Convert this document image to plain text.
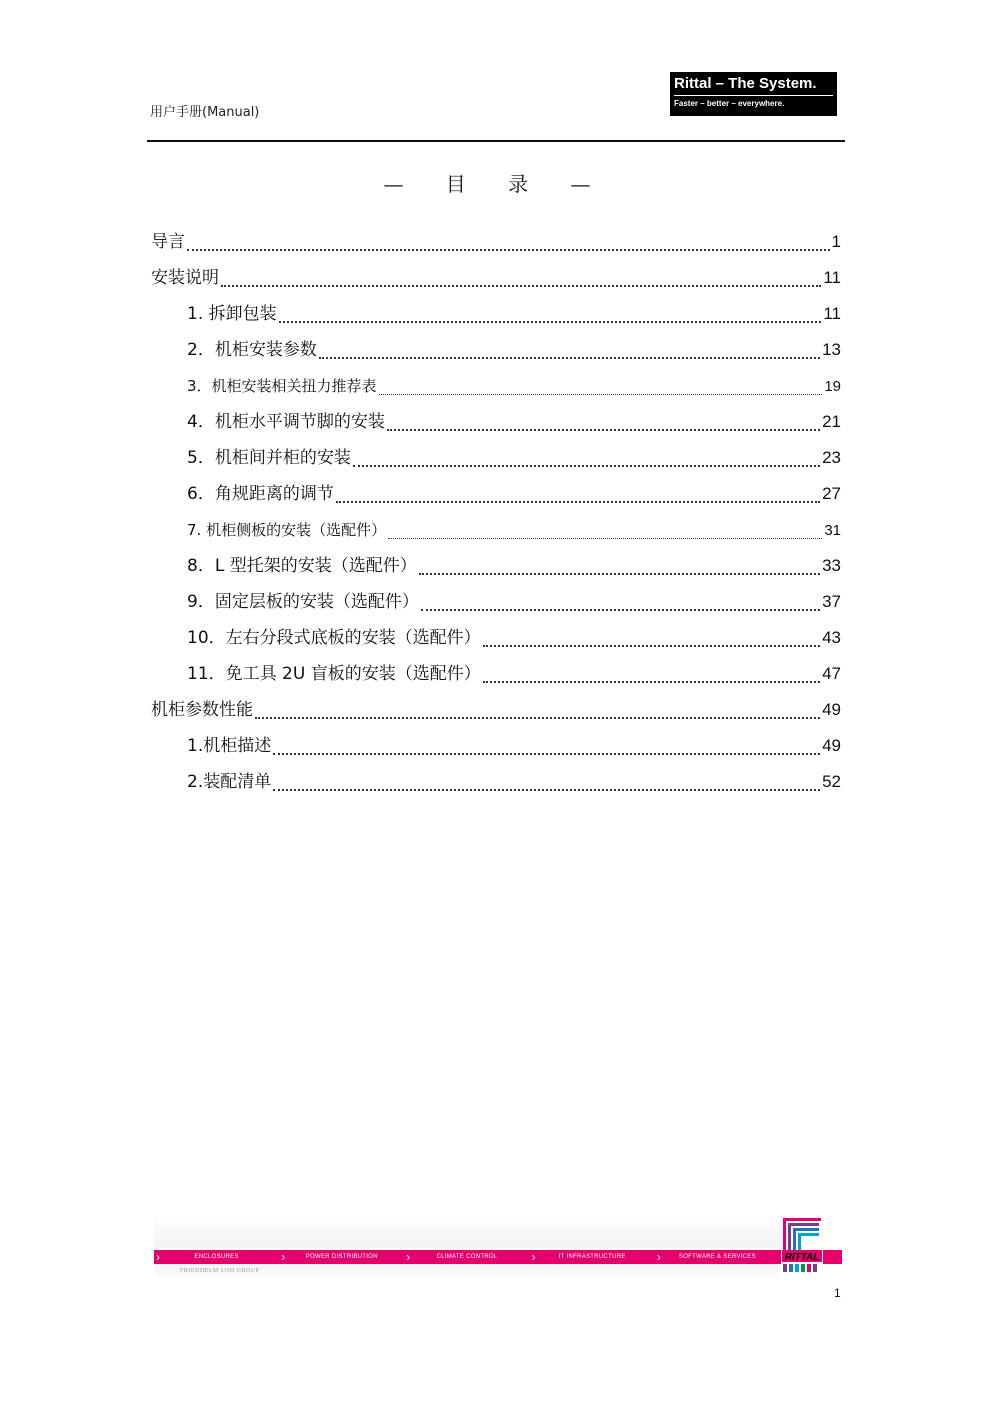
用户手册(Manual)
Rittal – The System.
Faster – better – everywhere.
— 目 录 —
导言	1
安装说明	11
1. 拆卸包装	11
2．机柜安装参数	13
3．机柜安装相关扭力推荐表	19
4．机柜水平调节脚的安装	21
5．机柜间并柜的安装	23
6．角规距离的调节	27
7. 机柜侧板的安装（选配件）	31
8．L 型托架的安装（选配件）	33
9．固定层板的安装（选配件）	37
10．左右分段式底板的安装（选配件）	43
11．免工具 2U 盲板的安装（选配件）	47
机柜参数性能	49
1.机柜描述	49
2.装配清单	52
›	ENCLOSURES	›	POWER DISTRIBUTION	›	CLIMATE CONTROL	›	IT INFRASTRUCTURE	›	SOFTWARE & SERVICES
FRIEDHELM LOH GROUP
RITTAL
1
